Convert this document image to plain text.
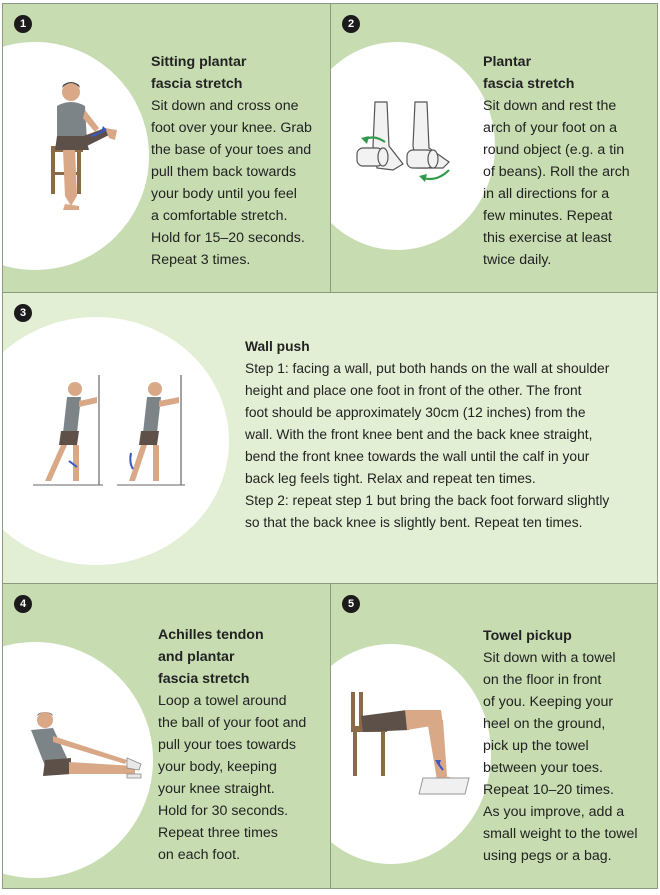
1
Sitting plantar
fascia stretch
Sit down and cross one
foot over your knee. Grab
the base of your toes and
pull them back towards
your body until you feel
a comfortable stretch.
Hold for 15–20 seconds.
Repeat 3 times.
2
Plantar
fascia stretch
Sit down and rest the
arch of your foot on a
round object (e.g. a tin
of beans). Roll the arch
in all directions for a
few minutes. Repeat
this exercise at least
twice daily.
3
Wall push
Step 1: facing a wall, put both hands on the wall at shoulder
height and place one foot in front of the other. The front
foot should be approximately 30cm (12 inches) from the
wall. With the front knee bent and the back knee straight,
bend the front knee towards the wall until the calf in your
back leg feels tight. Relax and repeat ten times.
Step 2: repeat step 1 but bring the back foot forward slightly
so that the back knee is slightly bent. Repeat ten times.
4
Achilles tendon
and plantar
fascia stretch
Loop a towel around
the ball of your foot and
pull your toes towards
your body, keeping
your knee straight.
Hold for 30 seconds.
Repeat three times
on each foot.
5
Towel pickup
Sit down with a towel
on the floor in front
of you. Keeping your
heel on the ground,
pick up the towel
between your toes.
Repeat 10–20 times.
As you improve, add a
small weight to the towel
using pegs or a bag.
